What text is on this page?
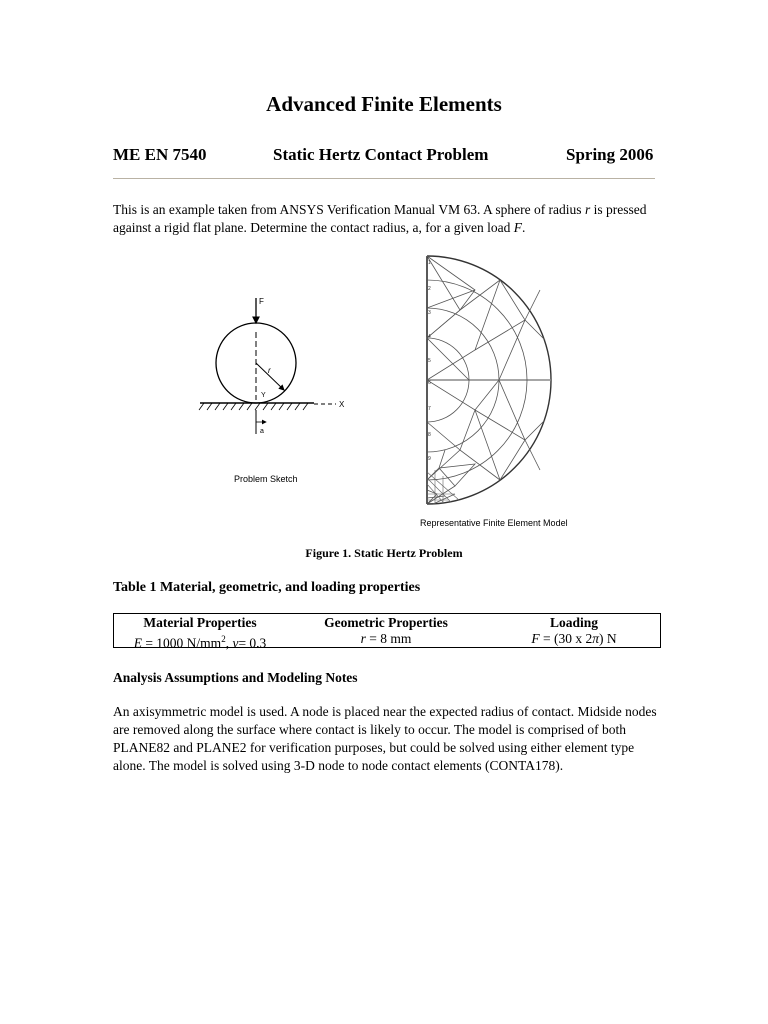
Advanced Finite Elements
ME EN 7540	Static Hertz Contact Problem	Spring 2006
This is an example taken from ANSYS Verification Manual VM 63. A sphere of radius r is pressed against a rigid flat plane. Determine the contact radius, a, for a given load F.
F
r
Y
X
a
Problem Sketch
1
2
3
4
5
6
7
8
9
Representative Finite Element Model
Figure 1. Static Hertz Problem
Table 1 Material, geometric, and loading properties
Material Properties
E = 1000 $N/mm^2$, ν= 0.3
Geometric Properties
r = 8 mm
Loading
F = (30 x 2π) N
Analysis Assumptions and Modeling Notes
An axisymmetric model is used. A node is placed near the expected radius of contact. Midside nodes are removed along the surface where contact is likely to occur. The model is comprised of both PLANE82 and PLANE2 for verification purposes, but could be solved using either element type alone. The model is solved using 3-D node to node contact elements (CONTA178).
